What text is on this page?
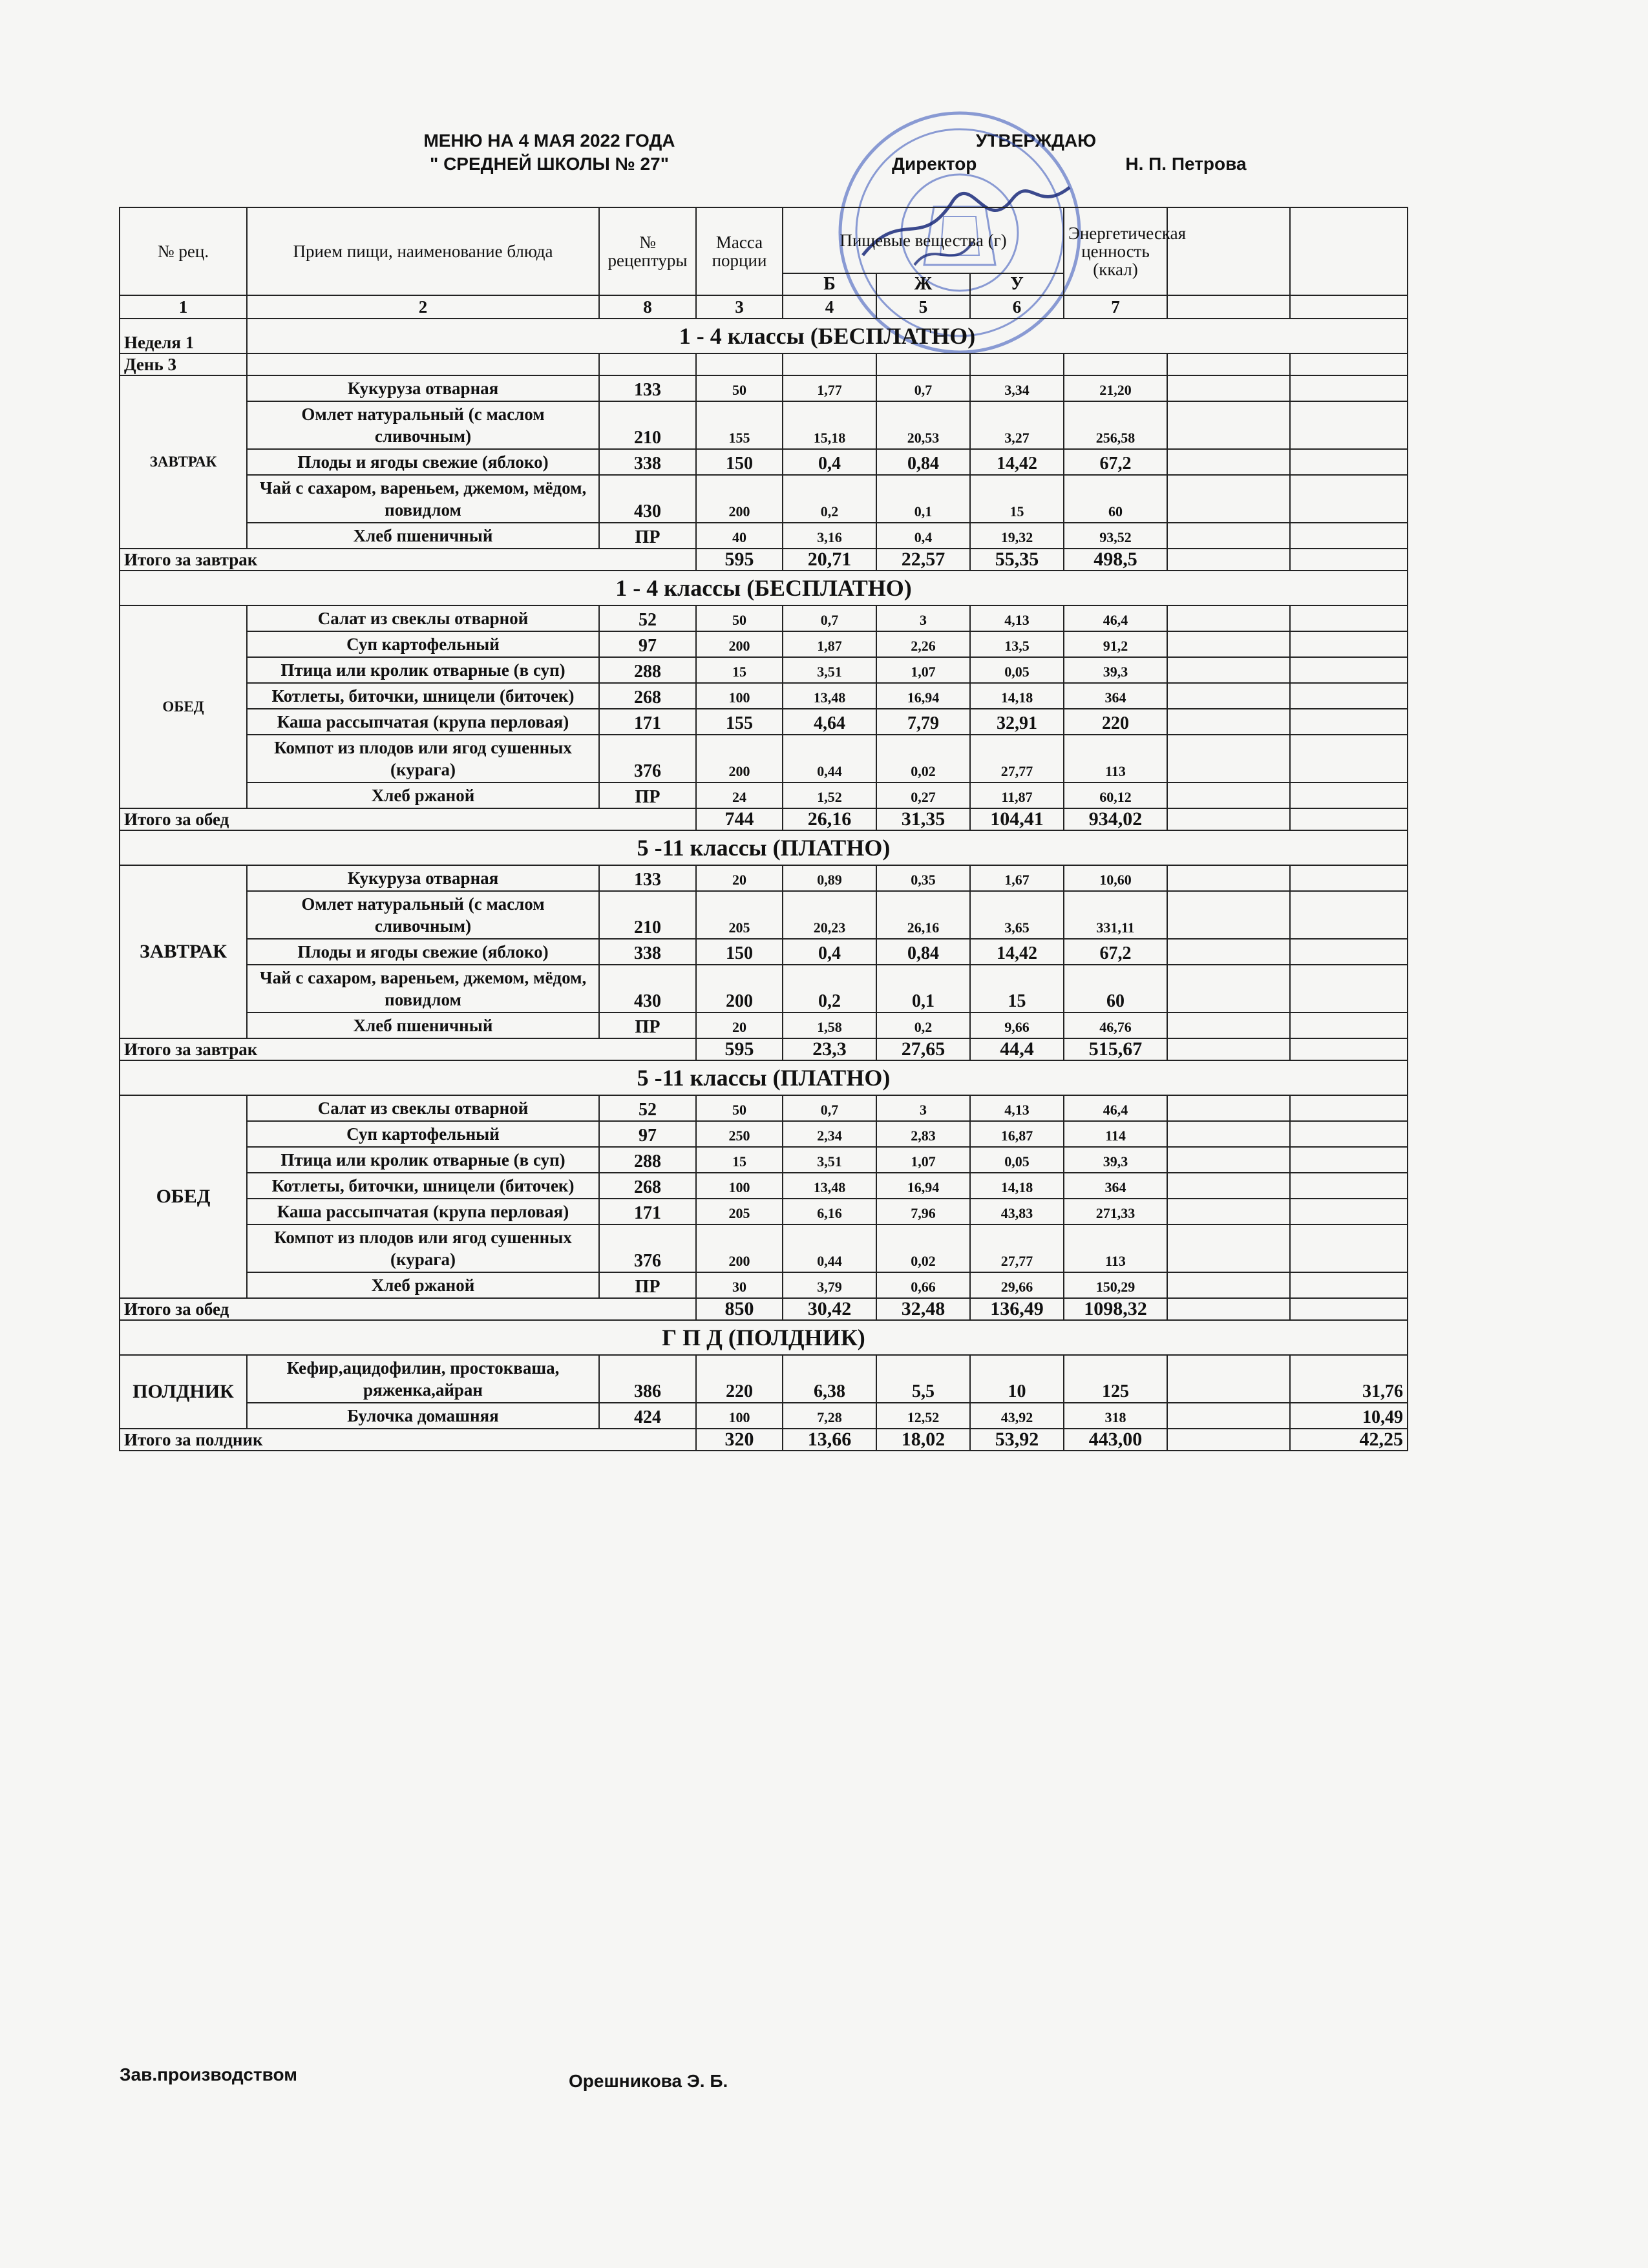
МЕНЮ НА 4 МАЯ 2022 ГОДА
" СРЕДНЕЙ ШКОЛЫ № 27"
УТВЕРЖДАЮ
Директор	Н. П. Петрова
№ рец.	Прием пищи, наименование блюда	№ рецептуры	Масса порции	Пищевые вещества (г)			Энергетическая ценность (ккал)		
				Б	Ж	У			
1	2	8	3	4	5	6	7		
Неделя 1	1 - 4 классы (БЕСПЛАТНО)								
День 3									
ЗАВТРАК	Кукуруза отварная	133	50	1,77	0,7	3,34	21,20		
	Омлет натуральный (с маслом сливочным)	210	155	15,18	20,53	3,27	256,58		
	Плоды и ягоды свежие (яблоко)	338	150	0,4	0,84	14,42	67,2		
	Чай с сахаром, вареньем, джемом, мёдом, повидлом	430	200	0,2	0,1	15	60		
	Хлеб пшеничный	ПР	40	3,16	0,4	19,32	93,52		
Итого за завтрак			595	20,71	22,57	55,35	498,5		
1 - 4 классы (БЕСПЛАТНО)									
ОБЕД	Салат из свеклы отварной	52	50	0,7	3	4,13	46,4		
	Суп картофельный	97	200	1,87	2,26	13,5	91,2		
	Птица или кролик отварные (в суп)	288	15	3,51	1,07	0,05	39,3		
	Котлеты, биточки, шницели (биточек)	268	100	13,48	16,94	14,18	364		
	Каша рассыпчатая (крупа перловая)	171	155	4,64	7,79	32,91	220		
	Компот из плодов или ягод сушенных (курага)	376	200	0,44	0,02	27,77	113		
	Хлеб ржаной	ПР	24	1,52	0,27	11,87	60,12		
Итого за обед			744	26,16	31,35	104,41	934,02		
5 -11 классы (ПЛАТНО)									
ЗАВТРАК	Кукуруза отварная	133	20	0,89	0,35	1,67	10,60		
	Омлет натуральный (с маслом сливочным)	210	205	20,23	26,16	3,65	331,11		
	Плоды и ягоды свежие (яблоко)	338	150	0,4	0,84	14,42	67,2		
	Чай с сахаром, вареньем, джемом, мёдом, повидлом	430	200	0,2	0,1	15	60		
	Хлеб пшеничный	ПР	20	1,58	0,2	9,66	46,76		
Итого за завтрак			595	23,3	27,65	44,4	515,67		
5 -11 классы (ПЛАТНО)									
ОБЕД	Салат из свеклы отварной	52	50	0,7	3	4,13	46,4		
	Суп картофельный	97	250	2,34	2,83	16,87	114		
	Птица или кролик отварные (в суп)	288	15	3,51	1,07	0,05	39,3		
	Котлеты, биточки, шницели (биточек)	268	100	13,48	16,94	14,18	364		
	Каша рассыпчатая (крупа перловая)	171	205	6,16	7,96	43,83	271,33		
	Компот из плодов или ягод сушенных (курага)	376	200	0,44	0,02	27,77	113		
	Хлеб ржаной	ПР	30	3,79	0,66	29,66	150,29		
Итого за обед			850	30,42	32,48	136,49	1098,32		
Г П Д (ПОЛДНИК)									
ПОЛДНИК	Кефир,ацидофилин, простокваша, ряженка,айран	386	220	6,38	5,5	10	125		31,76
	Булочка домашняя	424	100	7,28	12,52	43,92	318		10,49
Итого за полдник			320	13,66	18,02	53,92	443,00		42,25
Зав.производством	Орешникова Э. Б.
